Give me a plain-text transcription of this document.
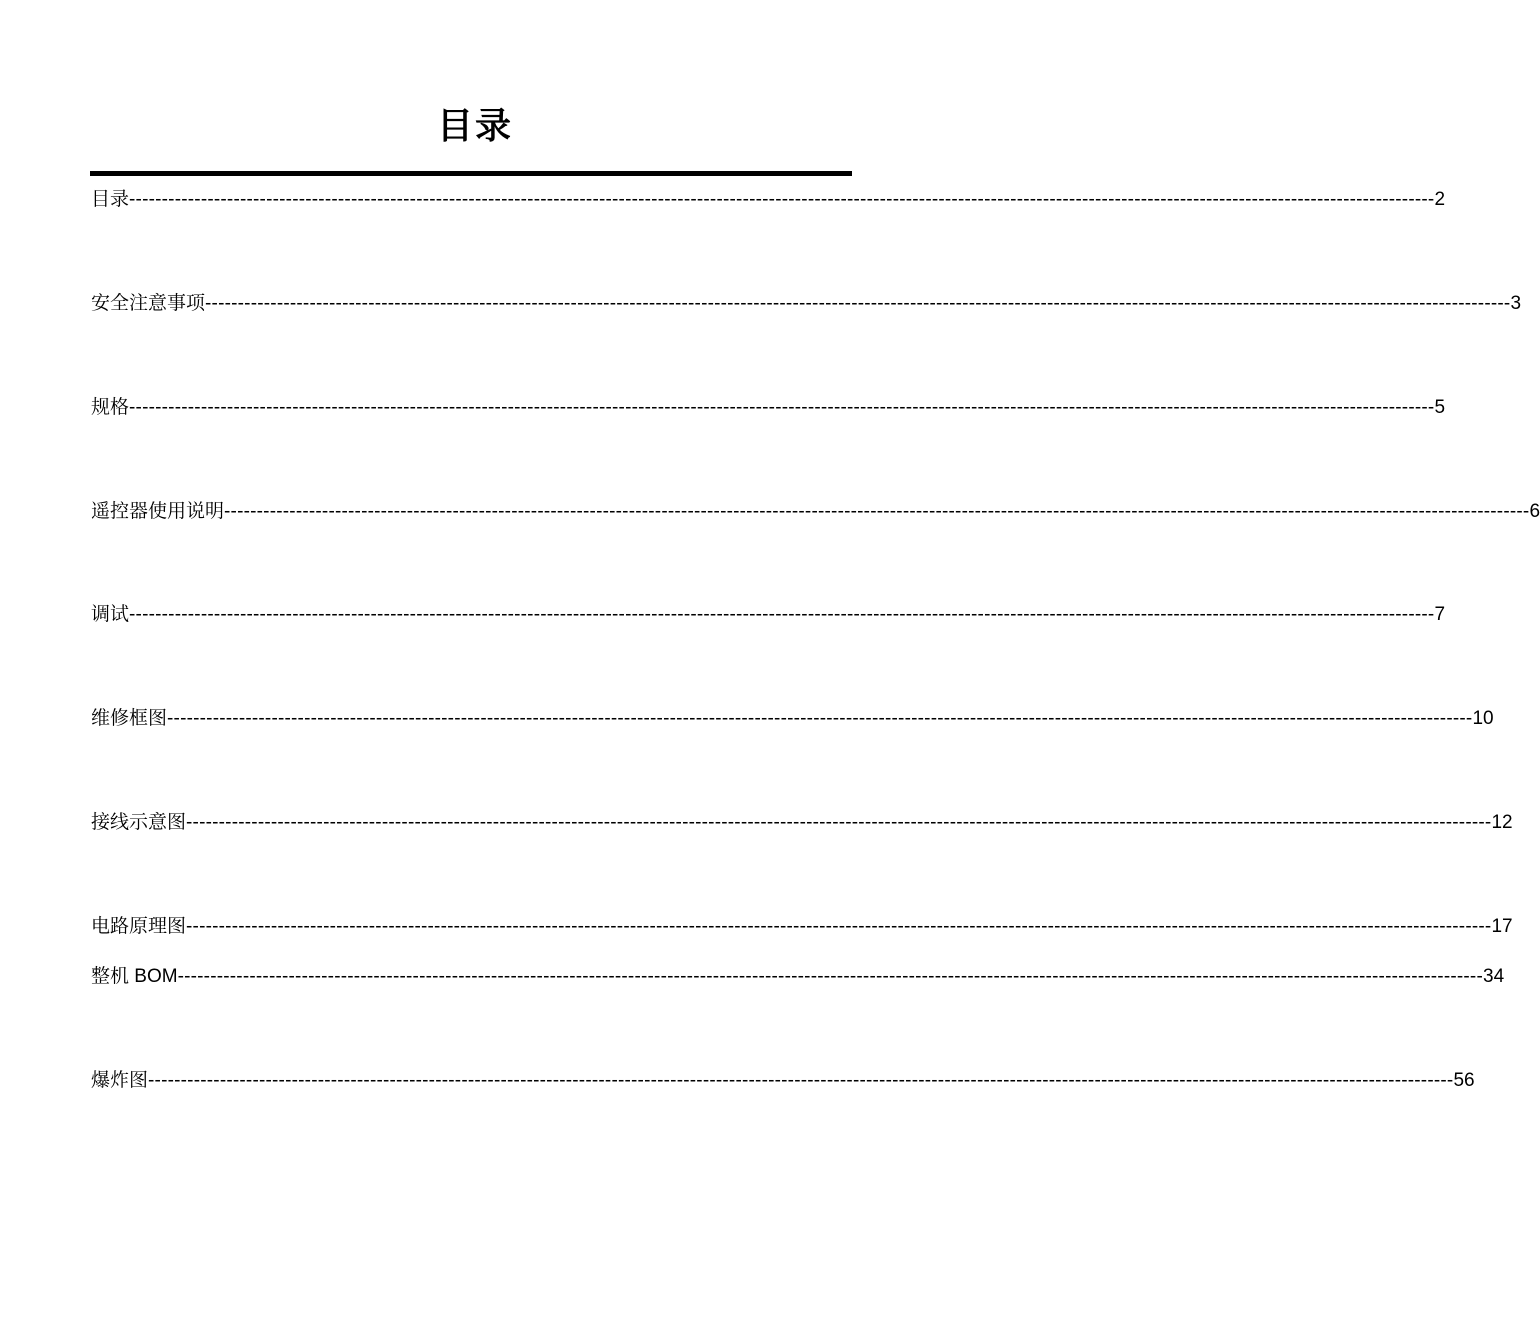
目录
目录 -------------------------------------------------------------------------------------------------------------------------------------------------------------------------------------------------------- 2
安全注意事项 -------------------------------------------------------------------------------------------------------------------------------------------------------------------------------------------------------- 3
规格 -------------------------------------------------------------------------------------------------------------------------------------------------------------------------------------------------------- 5
遥控器使用说明 -------------------------------------------------------------------------------------------------------------------------------------------------------------------------------------------------------- 6
调试 -------------------------------------------------------------------------------------------------------------------------------------------------------------------------------------------------------- 7
维修框图 -------------------------------------------------------------------------------------------------------------------------------------------------------------------------------------------------------- 10
接线示意图 -------------------------------------------------------------------------------------------------------------------------------------------------------------------------------------------------------- 12
电路原理图 -------------------------------------------------------------------------------------------------------------------------------------------------------------------------------------------------------- 17
整机 BOM -------------------------------------------------------------------------------------------------------------------------------------------------------------------------------------------------------- 34
爆炸图 -------------------------------------------------------------------------------------------------------------------------------------------------------------------------------------------------------- 56
